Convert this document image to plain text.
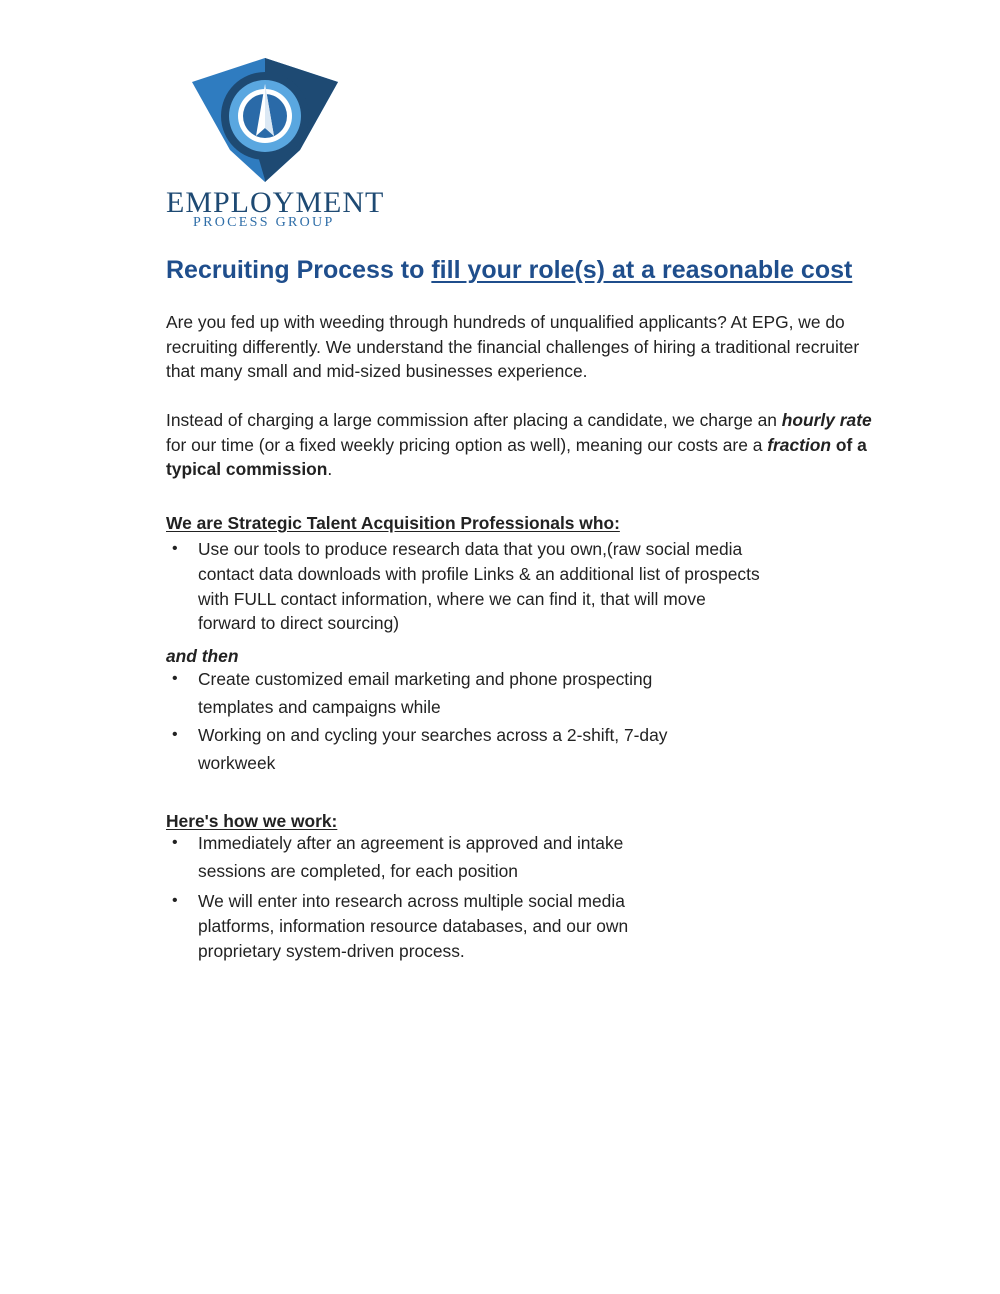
EMPLOYMENT
PROCESS GROUP
Recruiting Process to fill your role(s) at a reasonable cost
Are you fed up with weeding through hundreds of unqualified applicants? At EPG, we do recruiting differently. We understand the financial challenges of hiring a traditional recruiter that many small and mid-sized businesses experience.
Instead of charging a large commission after placing a candidate, we charge an hourly rate for our time (or a fixed weekly pricing option as well), meaning our costs are a fraction of a typical commission.
We are Strategic Talent Acquisition Professionals who:
• Use our tools to produce research data that you own,(raw social media contact data downloads with profile Links & an additional list of prospects with FULL contact information, where we can find it, that will move forward to direct sourcing)
and then
• Create customized email marketing and phone prospecting templates and campaigns while
• Working on and cycling your searches across a 2-shift, 7-day workweek
Here's how we work:
• Immediately after an agreement is approved and intake sessions are completed, for each position
• We will enter into research across multiple social media platforms, information resource databases, and our own proprietary system-driven process.
